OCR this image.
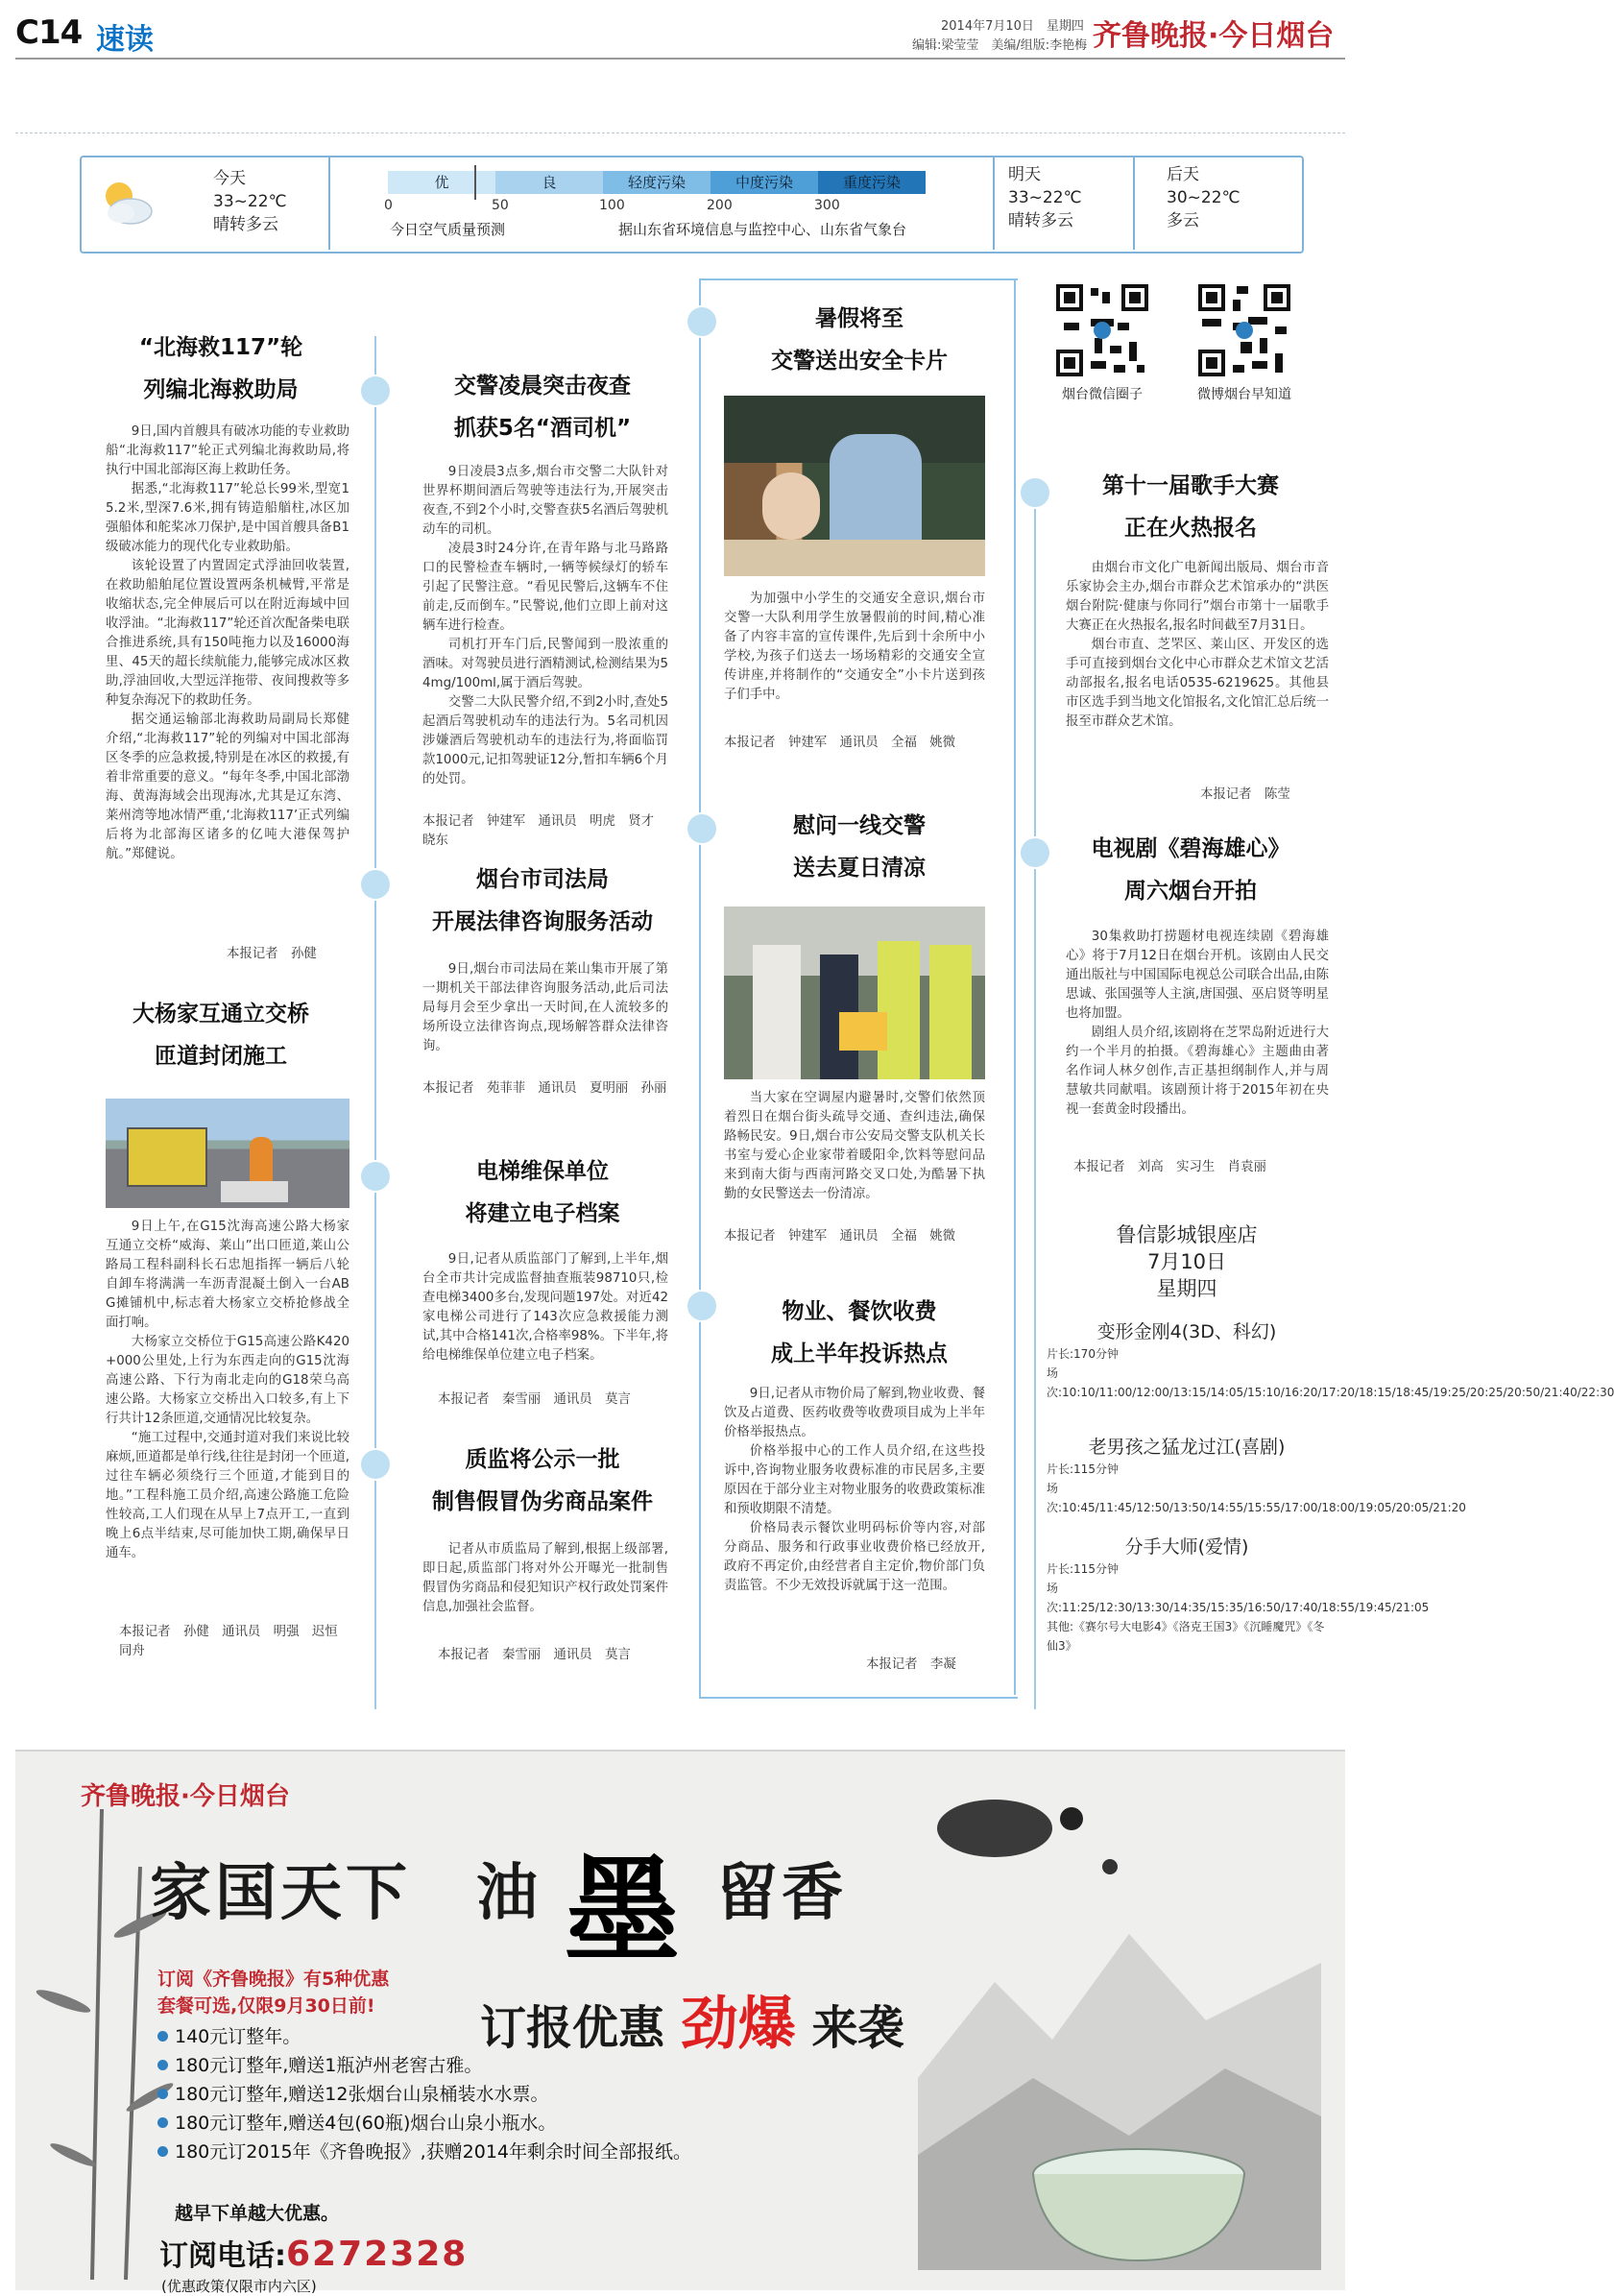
C14 速读	2014年7月10日　 星期四
编辑:梁莹莹　美编/组版:李艳梅 齐鲁晚报·今日烟台
今天
33~22℃
晴转多云
优	良	轻度污染	中度污染	重度污染
0	50	100	200	300
今日空气质量预测	据山东省环境信息与监控中心、山东省气象台
明天
33~22℃
晴转多云
后天
30~22℃
多云
“北海救117”轮
列编北海救助局

9日,国内首艘具有破冰功能的专业救助船“北海救117”轮正式列编北海救助局,将执行中国北部海区海上救助任务。

据悉,“北海救117”轮总长99米,型宽15.2米,型深7.6米,拥有铸造船艏柱,冰区加强船体和舵桨冰刀保护,是中国首艘具备B1级破冰能力的现代化专业救助船。

该轮设置了内置固定式浮油回收装置,在救助船舶尾位置设置两条机械臂,平常是收缩状态,完全伸展后可以在附近海域中回收浮油。“北海救117”轮还首次配备柴电联合推进系统,具有150吨拖力以及16000海里、45天的超长续航能力,能够完成冰区救助,浮油回收,大型远洋拖带、夜间搜救等多种复杂海况下的救助任务。

据交通运输部北海救助局副局长郑健介绍,“北海救117”轮的列编对中国北部海区冬季的应急救援,特别是在冰区的救援,有着非常重要的意义。“每年冬季,中国北部渤海、黄海海域会出现海冰,尤其是辽东湾、莱州湾等地冰情严重,‘北海救117’正式列编后将为北部海区诸多的亿吨大港保驾护航。”郑健说。

本报记者　孙健
大杨家互通立交桥
匝道封闭施工

9日上午,在G15沈海高速公路大杨家互通立交桥“威海、莱山”出口匝道,莱山公路局工程科副科长石忠旭指挥一辆后八轮自卸车将满满一车沥青混凝土倒入一台ABG摊铺机中,标志着大杨家立交桥抢修战全面打响。

大杨家立交桥位于G15高速公路K420+000公里处,上行为东西走向的G15沈海高速公路、下行为南北走向的G18荣乌高速公路。大杨家立交桥出入口较多,有上下行共计12条匝道,交通情况比较复杂。

“施工过程中,交通封道对我们来说比较麻烦,匝道都是单行线,往往是封闭一个匝道,过往车辆必须绕行三个匝道,才能到目的地。”工程科施工员介绍,高速公路施工危险性较高,工人们现在从早上7点开工,一直到晚上6点半结束,尽可能加快工期,确保早日通车。

本报记者　孙健　通讯员　明强　迟恒　同舟
交警凌晨突击夜查
抓获5名“酒司机”

9日凌晨3点多,烟台市交警二大队针对世界杯期间酒后驾驶等违法行为,开展突击夜查,不到2个小时,交警查获5名酒后驾驶机动车的司机。

凌晨3时24分许,在青年路与北马路路口的民警检查车辆时,一辆等候绿灯的轿车引起了民警注意。“看见民警后,这辆车不住前走,反而倒车。”民警说,他们立即上前对这辆车进行检查。

司机打开车门后,民警闻到一股浓重的酒味。对驾驶员进行酒精测试,检测结果为54mg/100ml,属于酒后驾驶。

交警二大队民警介绍,不到2小时,查处5起酒后驾驶机动车的违法行为。5名司机因涉嫌酒后驾驶机动车的违法行为,将面临罚款1000元,记扣驾驶证12分,暂扣车辆6个月的处罚。

本报记者　钟建军　通讯员　明虎　贤才　晓东
烟台市司法局
开展法律咨询服务活动

9日,烟台市司法局在莱山集市开展了第一期机关干部法律咨询服务活动,此后司法局每月会至少拿出一天时间,在人流较多的场所设立法律咨询点,现场解答群众法律咨询。

本报记者　苑菲菲　通讯员　夏明丽　孙丽
电梯维保单位
将建立电子档案

9日,记者从质监部门了解到,上半年,烟台全市共计完成监督抽查瓶装98710只,检查电梯3400多台,发现问题197处。对近42家电梯公司进行了143次应急救援能力测试,其中合格141次,合格率98%。下半年,将给电梯维保单位建立电子档案。

本报记者　秦雪丽　通讯员　莫言
质监将公示一批
制售假冒伪劣商品案件

记者从市质监局了解到,根据上级部署,即日起,质监部门将对外公开曝光一批制售假冒伪劣商品和侵犯知识产权行政处罚案件信息,加强社会监督。

本报记者　秦雪丽　通讯员　莫言
暑假将至
交警送出安全卡片

为加强中小学生的交通安全意识,烟台市交警一大队利用学生放暑假前的时间,精心准备了内容丰富的宣传课件,先后到十余所中小学校,为孩子们送去一场场精彩的交通安全宣传讲座,并将制作的“交通安全”小卡片送到孩子们手中。

本报记者　钟建军　通讯员　全福　姚微
慰问一线交警
送去夏日清凉

当大家在空调屋内避暑时,交警们依然顶着烈日在烟台街头疏导交通、查纠违法,确保路畅民安。9日,烟台市公安局交警支队机关长书室与爱心企业家带着暖阳伞,饮料等慰问品来到南大街与西南河路交叉口处,为酷暑下执勤的女民警送去一份清凉。

本报记者　钟建军　通讯员　全福　姚微
物业、餐饮收费
成上半年投诉热点

9日,记者从市物价局了解到,物业收费、餐饮及占道费、医药收费等收费项目成为上半年价格举报热点。

价格举报中心的工作人员介绍,在这些投诉中,咨询物业服务收费标准的市民居多,主要原因在于部分业主对物业服务的收费政策标准和预收期限不清楚。

价格局表示餐饮业明码标价等内容,对部分商品、服务和行政事业收费价格已经放开,政府不再定价,由经营者自主定价,物价部门负责监管。不少无效投诉就属于这一范围。

本报记者　李凝
烟台微信圈子	微博烟台早知道
第十一届歌手大赛
正在火热报名

由烟台市文化广电新闻出版局、烟台市音乐家协会主办,烟台市群众艺术馆承办的“洪医烟台附院·健康与你同行”烟台市第十一届歌手大赛正在火热报名,报名时间截至7月31日。

烟台市直、芝罘区、莱山区、开发区的选手可直接到烟台文化中心市群众艺术馆文艺活动部报名,报名电话0535-6219625。其他县市区选手到当地文化馆报名,文化馆汇总后统一报至市群众艺术馆。

本报记者　陈莹
电视剧《碧海雄心》
周六烟台开拍

30集救助打捞题材电视连续剧《碧海雄心》将于7月12日在烟台开机。该剧由人民交通出版社与中国国际电视总公司联合出品,由陈思诚、张国强等人主演,唐国强、巫启贤等明星也将加盟。

剧组人员介绍,该剧将在芝罘岛附近进行大约一个半月的拍摄。《碧海雄心》主题曲由著名作词人林夕创作,吉正基担纲制作人,并与周慧敏共同献唱。该剧预计将于2015年初在央视一套黄金时段播出。

本报记者　刘高　实习生　肖袁丽
鲁信影城银座店
7月10日
星期四
变形金刚4(3D、科幻)
片长:170分钟
场次:10:10/11:00/12:00/13:15/14:05/15:10/16:20/17:20/18:15/18:45/19:25/20:25/20:50/21:40/22:30
老男孩之猛龙过江(喜剧)
片长:115分钟
场次:10:45/11:45/12:50/13:50/14:55/15:55/17:00/18:00/19:05/20:05/21:20
分手大师(爱情)
片长:115分钟
场次:11:25/12:30/13:30/14:35/15:35/16:50/17:40/18:55/19:45/21:05
其他:《赛尔号大电影4》《洛克王国3》《沉睡魔咒》《冬仙3》
齐鲁晚报·今日烟台
家国天下　油 墨 留香
订报优惠 劲爆 来袭
订阅《齐鲁晚报》有5种优惠
套餐可选,仅限9月30日前!
140元订整年。
180元订整年,赠送1瓶泸州老窖古雅。
180元订整年,赠送12张烟台山泉桶装水水票。
180元订整年,赠送4包(60瓶)烟台山泉小瓶水。
180元订2015年《齐鲁晚报》,获赠2014年剩余时间全部报纸。
越早下单越大优惠。
订阅电话:6272328
(优惠政策仅限市内六区)
